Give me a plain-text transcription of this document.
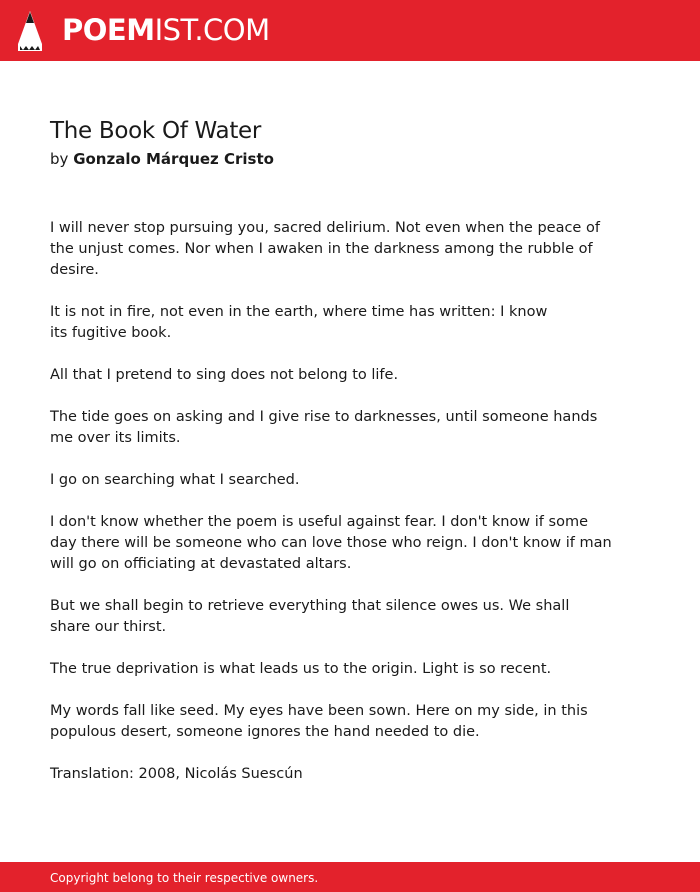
POEMIST.COM
The Book Of Water
by Gonzalo Márquez Cristo
I will never stop pursuing you, sacred delirium. Not even when the peace of
the unjust comes. Nor when I awaken in the darkness among the rubble of
desire.
It is not in fire, not even in the earth, where time has written: I know
its fugitive book.
All that I pretend to sing does not belong to life.
The tide goes on asking and I give rise to darknesses, until someone hands
me over its limits.
I go on searching what I searched.
I don't know whether the poem is useful against fear. I don't know if some
day there will be someone who can love those who reign. I don't know if man
will go on officiating at devastated altars.
But we shall begin to retrieve everything that silence owes us. We shall
share our thirst.
The true deprivation is what leads us to the origin. Light is so recent.
My words fall like seed. My eyes have been sown. Here on my side, in this
populous desert, someone ignores the hand needed to die.
Translation: 2008, Nicolás Suescún
Copyright belong to their respective owners.
